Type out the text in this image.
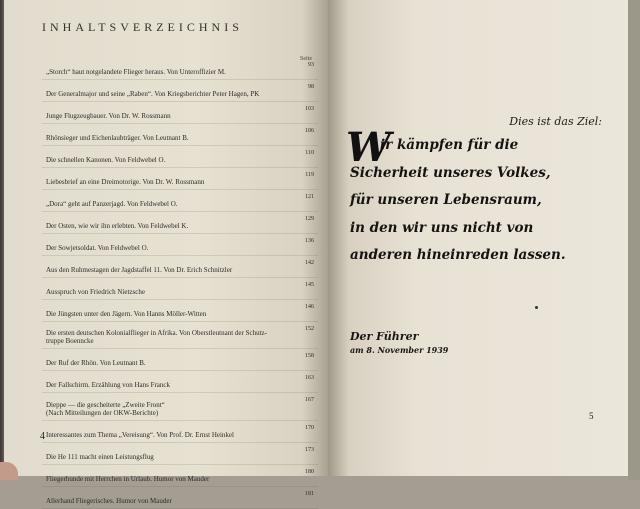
INHALTSVERZEICHNIS
Seite
„Storch“ haut notgelandete Flieger heraus. Von Unteroffizier M.
93
Der Generalmajor und seine „Raben“. Von Kriegsberichter Peter Hagen, PK
98
Junge Flugzeugbauer. Von Dr. W. Rossmann
103
Rhönsieger und Eichenlaubträger. Von Leutnant B.
106
Die schnellen Kanonen. Von Feldwebel O.
110
Liebesbrief an eine Dreimotorige. Von Dr. W. Rossmann
119
„Dora“ geht auf Panzerjagd. Von Feldwebel O.
121
Der Osten, wie wir ihn erlebten. Von Feldwebel K.
129
Der Sowjetsoldat. Von Feldwebel O.
136
Aus den Ruhmestagen der Jagdstaffel 11. Von Dr. Erich Schnitzler
142
Ausspruch von Friedrich Nietzsche
145
Die Jüngsten unter den Jägern. Von Hanns Möller-Witten
146
Die ersten deutschen Kolonialflieger in Afrika. Von Oberstleutnant der Schutz-
truppe Boenncke
152
Der Ruf der Rhön. Von Leutnant B.
158
Der Fallschirm. Erzählung von Hans Franck
163
Dieppe — die gescheiterte „Zweite Front“
(Nach Mitteilungen der OKW-Berichte)
167
Interessantes zum Thema „Vereisung“. Von Prof. Dr. Ernst Heinkel
170
Die He 111 macht einen Leistungsflug
173
Fliegerhunde mit Herrchen in Urlaub. Humor von Mauder
180
Allerhand Fliegerisches. Humor von Mauder
181
4
Dies ist das Ziel:

W
ir kämpfen für die
Sicherheit unseres Volkes,
für unseren Lebensraum,
in den wir uns nicht von
anderen hineinreden lassen.

Der Führer
am 8. November 1939
5
